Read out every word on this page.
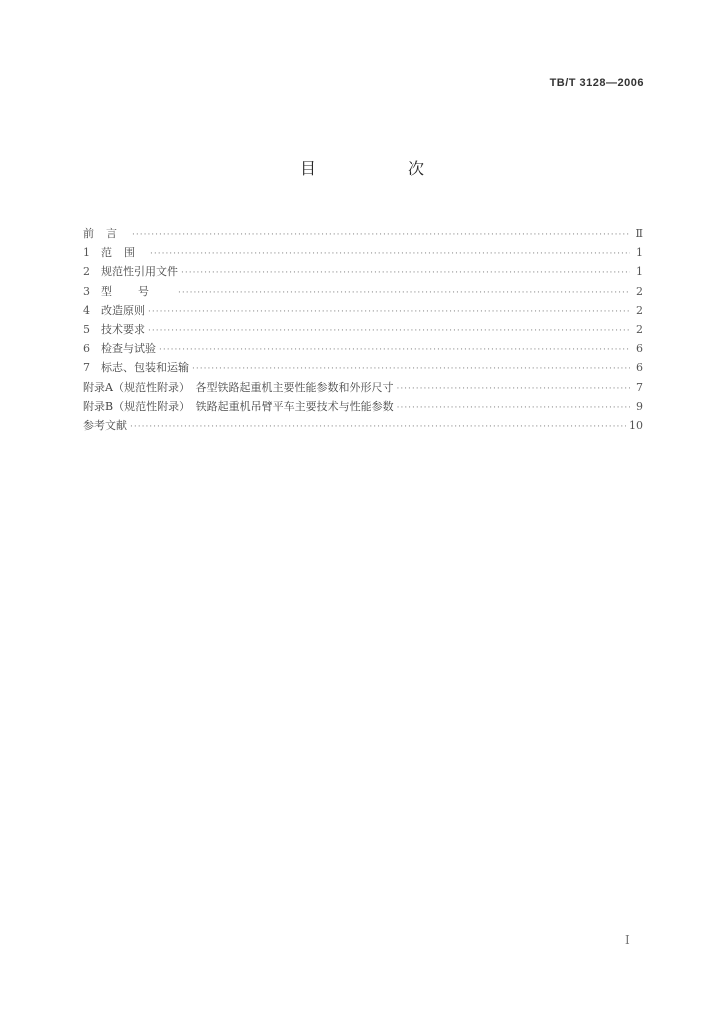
TB/T 3128—2006
目　次
前言 ·····	Ⅱ
1	范围 ·····	1
2	规范性引用文件 ·····	1
3	型号 ·····	2
4	改造原则 ·····	2
5	技术要求 ·····	2
6	检查与试验 ·····	6
7	标志、包装和运输 ·····	6
附录A（规范性附录）　各型铁路起重机主要性能参数和外形尺寸 ·····	7
附录B（规范性附录）　铁路起重机吊臂平车主要技术与性能参数 ·····	9
参考文献 ·····	10
I
